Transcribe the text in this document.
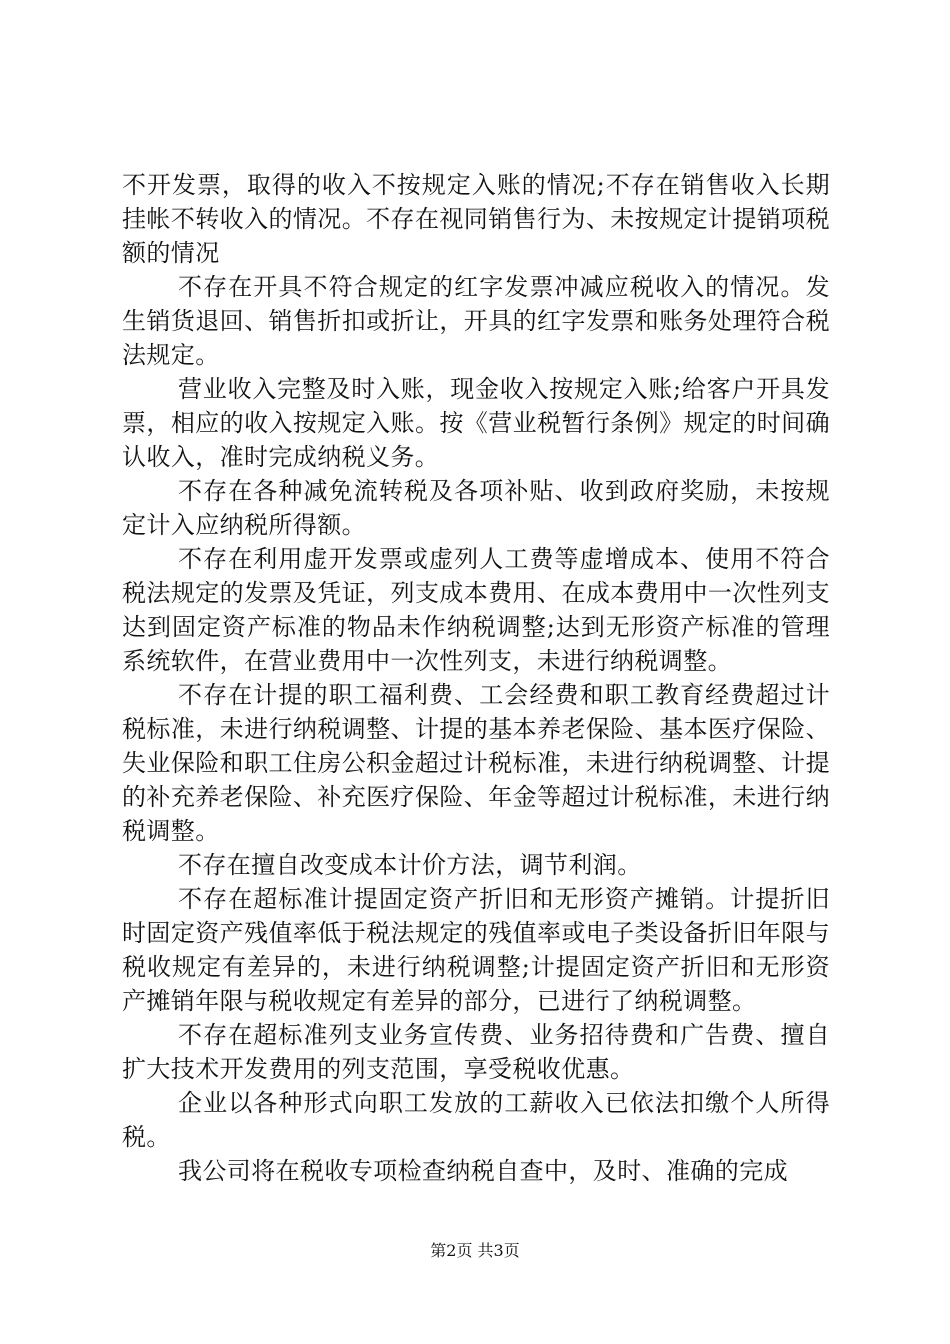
不开发票，取得的收入不按规定入账的情况;不存在销售收入长期挂帐不转收入的情况。不存在视同销售行为、未按规定计提销项税额的情况

不存在开具不符合规定的红字发票冲减应税收入的情况。发生销货退回、销售折扣或折让，开具的红字发票和账务处理符合税法规定。

营业收入完整及时入账，现金收入按规定入账;给客户开具发票，相应的收入按规定入账。按《营业税暂行条例》规定的时间确认收入，准时完成纳税义务。

不存在各种减免流转税及各项补贴、收到政府奖励，未按规定计入应纳税所得额。

不存在利用虚开发票或虚列人工费等虚增成本、使用不符合税法规定的发票及凭证，列支成本费用、在成本费用中一次性列支达到固定资产标准的物品未作纳税调整;达到无形资产标准的管理系统软件，在营业费用中一次性列支，未进行纳税调整。

不存在计提的职工福利费、工会经费和职工教育经费超过计税标准，未进行纳税调整、计提的基本养老保险、基本医疗保险、失业保险和职工住房公积金超过计税标准，未进行纳税调整、计提的补充养老保险、补充医疗保险、年金等超过计税标准，未进行纳税调整。

不存在擅自改变成本计价方法，调节利润。

不存在超标准计提固定资产折旧和无形资产摊销。计提折旧时固定资产残值率低于税法规定的残值率或电子类设备折旧年限与税收规定有差异的，未进行纳税调整;计提固定资产折旧和无形资产摊销年限与税收规定有差异的部分，已进行了纳税调整。

不存在超标准列支业务宣传费、业务招待费和广告费、擅自扩大技术开发费用的列支范围，享受税收优惠。

企业以各种形式向职工发放的工薪收入已依法扣缴个人所得税。

我公司将在税收专项检查纳税自查中，及时、准确的完成

第2页 共3页
